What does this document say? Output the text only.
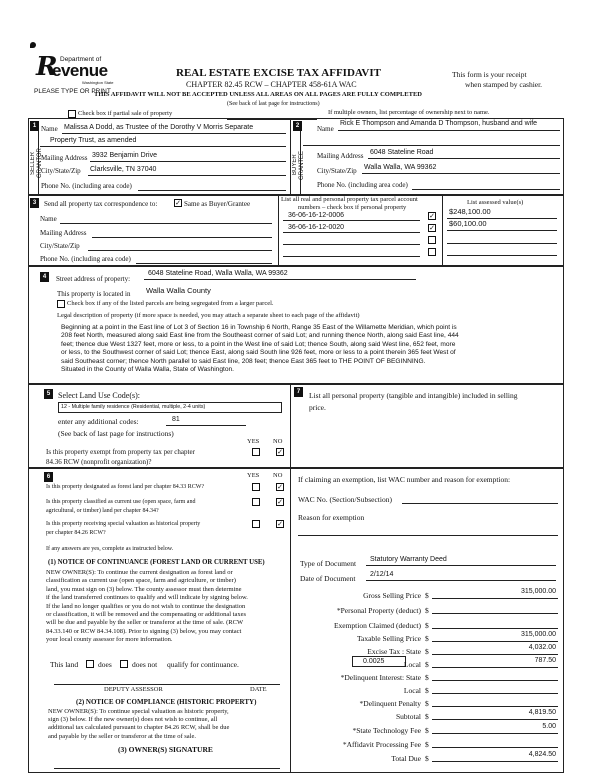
Department of
R
evenue
Washington State
PLEASE TYPE OR PRINT
REAL ESTATE EXCISE TAX AFFIDAVIT
CHAPTER 82.45 RCW – CHAPTER 458-61A WAC
THIS AFFIDAVIT WILL NOT BE ACCEPTED UNLESS ALL AREAS ON ALL PAGES ARE FULLY COMPLETED
This form is your receipt
when stamped by cashier.
(See back of last page for instructions)
Check box if partial sale of property	If multiple owners, list percentage of ownership next to name.
1
SELLER GRANTOR
Name Malissa A Dodd, as Trustee of the Dorothy V Morris Separate
Property Trust, as amended
Mailing Address 3932 Benjamin Drive
City/State/Zip Clarksville, TN 37040
Phone No. (including area code)
2
BUYER GRANTEE
Name
Rick E Thompson and Amanda D Thompson, husband and wife
Mailing Address 6048 Stateline Road
City/State/Zip Walla Walla, WA 99362
Phone No. (including area code)
3	Send all property tax correspondence to:	✓ Same as Buyer/Grantee
Name
Mailing Address
City/State/Zip
Phone No. (including area code)
List all real and personal property tax parcel account
numbers – check box if personal property
List assessed value(s)
36-06-16-12-0006	✓ $248,100.00
36-06-16-12-0020	✓ $60,100.00
4	Street address of property:
6048 Stateline Road, Walla Walla, WA 99362
This property is located in Walla Walla County
Check box if any of the listed parcels are being segregated from a larger parcel.
Legal description of property (if more space is needed, you may attach a separate sheet to each page of the affidavit)
Beginning at a point in the East line of Lot 3 of Section 16 in Township 6 North, Range 35 East of the Willamette Meridian, which point is
208 feet North, measured along said East line from the Southeast corner of said Lot; and running thence North, along said East line, 444
feet; thence due West 1327 feet, more or less, to a point in the West line of said Lot; thence South, along said West line, 652 feet, more
or less, to the Southwest corner of said Lot; thence East, along said South line 926 feet, more or less to a point therein 365 feet West of
said Southeast corner; thence North parallel to said East line, 208 feet; thence East 365 feet to THE POINT OF BEGINNING.
Situated in the County of Walla Walla, State of Washington.
5 Select Land Use Code(s):
12 - Multiple family residence (Residential, multiple, 2-4 units)
enter any additional codes:	81
(See back of last page for instructions)
YES NO
Is this property exempt from property tax per chapter
84.36 RCW (nonprofit organization)?
✓
7	List all personal property (tangible and intangible) included in selling
price.
6	YES NO
Is this property designated as forest land per chapter 84.33 RCW?	✓
Is this property classified as current use (open space, farm and
agricultural, or timber) land per chapter 84.34?
✓
Is this property receiving special valuation as historical property
per chapter 84.26 RCW?
✓
If any answers are yes, complete as instructed below.
(1) NOTICE OF CONTINUANCE (FOREST LAND OR CURRENT USE)
NEW OWNER(S): To continue the current designation as forest land or
classification as current use (open space, farm and agriculture, or timber)
land, you must sign on (3) below. The county assessor must then determine
if the land transferred continues to qualify and will indicate by signing below.
If the land no longer qualifies or you do not wish to continue the designation
or classification, it will be removed and the compensating or additional taxes
will be due and payable by the seller or transferor at the time of sale. (RCW
84.33.140 or RCW 84.34.108). Prior to signing (3) below, you may contact
your local county assessor for more information.
This land	does	does not qualify for continuance.
DEPUTY ASSESSOR	DATE
(2) NOTICE OF COMPLIANCE (HISTORIC PROPERTY)
NEW OWNER(S): To continue special valuation as historic property,
sign (3) below. If the new owner(s) does not wish to continue, all
additional tax calculated pursuant to chapter 84.26 RCW, shall be due
and payable by the seller or transferor at the time of sale.
(3) OWNER(S) SIGNATURE
If claiming an exemption, list WAC number and reason for exemption:
WAC No. (Section/Subsection)
Reason for exemption
Type of Document Statutory Warranty Deed
Date of Document 2/12/14
Gross Selling Price $	315,000.00
*Personal Property (deduct) $
Exemption Claimed (deduct) $
Taxable Selling Price $	315,000.00
Excise Tax : State $	4,032.00
0.0025	Local $	787.50
*Delinquent Interest: State $
Local $
*Delinquent Penalty $
Subtotal $	4,819.50
*State Technology Fee $	5.00
*Affidavit Processing Fee $
Total Due $	4,824.50
